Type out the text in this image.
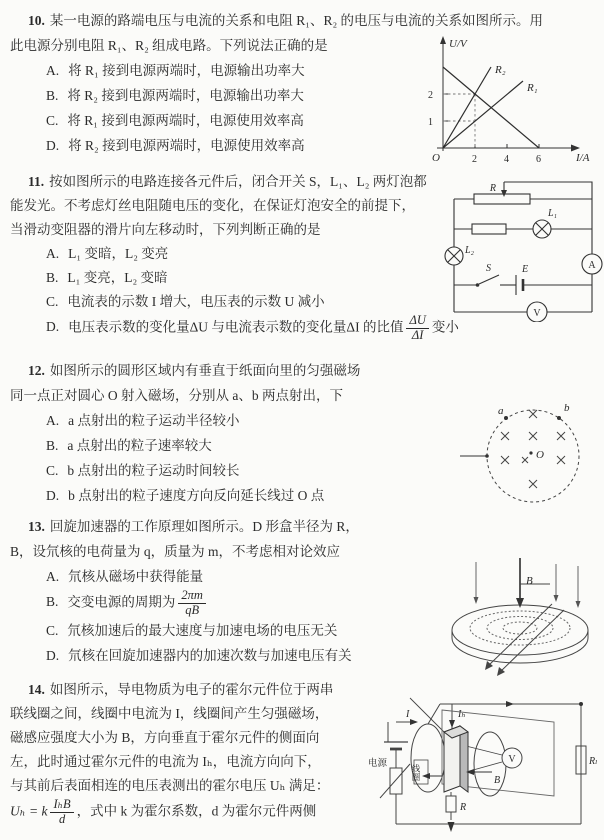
10. 某一电源的路端电压与电流的关系和电阻 R₁、R₂ 的电压与电流的关系如图所示。用

此电源分别电阻 R₁、R₂ 组成电路。下列说法正确的是

A. 将 R₁ 接到电源两端时，电源输出功率大
B. 将 R₂ 接到电源两端时，电源输出功率大
C. 将 R₁ 接到电源两端时，电源使用效率高
D. 将 R₂ 接到电源两端时，电源使用效率高
U/V
I/A
O	2	4	6
1
2
R₂
R₁

11. 按如图所示的电路连接各元件后，闭合开关 S，L₁、L₂ 两灯泡都

能发光。不考虑灯丝电阻随电压的变化，在保证灯泡安全的前提下，

当滑动变阻器的滑片向左移动时，下列判断正确的是

A. L₁ 变暗，L₂ 变亮
B. L₁ 变亮，L₂ 变暗
C. 电流表的示数 I 增大，电压表的示数 U 减小
D. 电压表示数的变化量ΔU 与电流表示数的变化量ΔI 的比值 $\frac{\Delta U}{\Delta I}$ 变小
R
L₁
L₂
S	E	A
V

12. 如图所示的圆形区域内有垂直于纸面向里的匀强磁场

同一点正对圆心 O 射入磁场，分别从 a、b 两点射出，下

A. a 点射出的粒子运动半径较小
B. a 点射出的粒子速率较大
C. b 点射出的粒子运动时间较长
D. b 点射出的粒子速度方向反向延长线过 O 点
a	b
O

13. 回旋加速器的工作原理如图所示。D 形盒半径为 R，

B，设氘核的电荷量为 q，质量为 m，不考虑相对论效应

A. 氘核从磁场中获得能量
B. 交变电源的周期为 $\frac{2\pi m}{qB}$
C. 氘核加速后的最大速度与加速电场的电压无关
D. 氘核在回旋加速器内的加速次数与加速电压有关
B

14. 如图所示，导电物质为电子的霍尔元件位于两串

联线圈之间，线圈中电流为 I，线圈间产生匀强磁场，

磁感应强度大小为 B，方向垂直于霍尔元件的侧面向

左，此时通过霍尔元件的电流为 Iₕ，电流方向向下，

与其前后表面相连的电压表测出的霍尔电压 Uₕ 满足：

Uₕ = k $\frac{\text{IₕB}}{d}$ ，式中 k 为霍尔系数，d 为霍尔元件两侧

电源	线圈
I	Iₕ
B
V
R
Rₗ
